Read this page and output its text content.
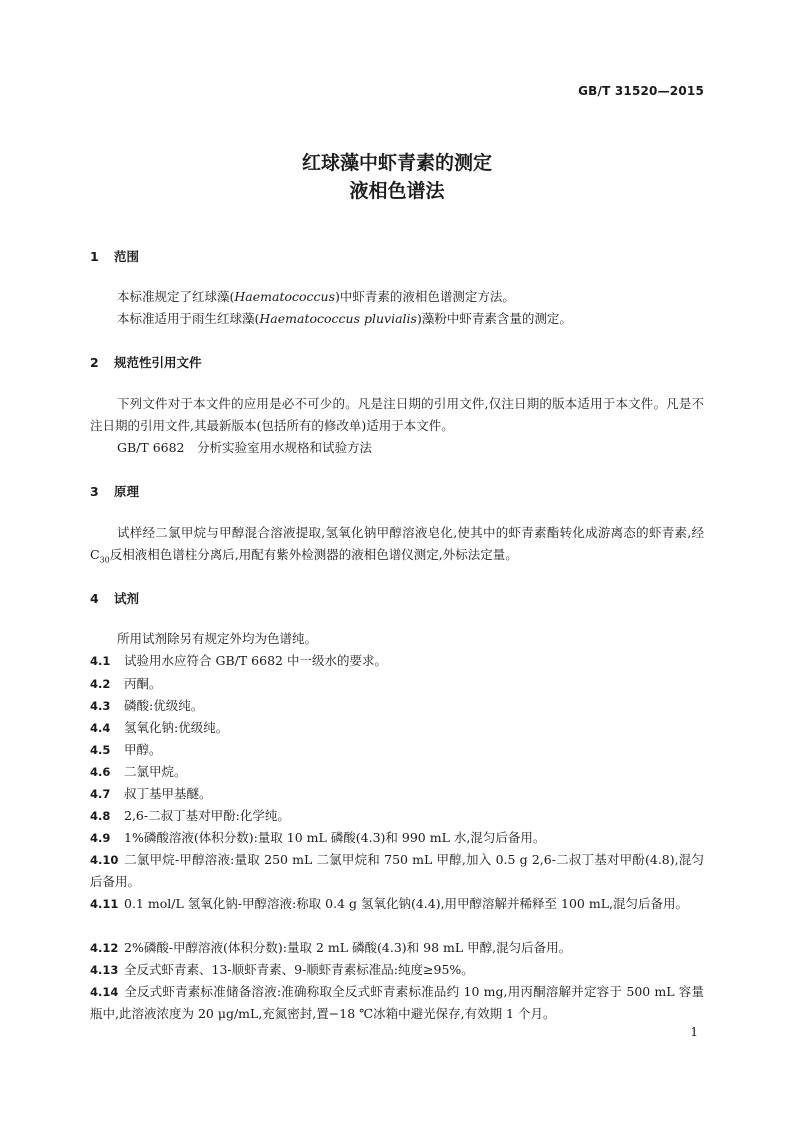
GB/T 31520—2015
红球藻中虾青素的测定
液相色谱法
1 范围
本标准规定了红球藻(Haematococcus)中虾青素的液相色谱测定方法。
本标准适用于雨生红球藻(Haematococcus pluvialis)藻粉中虾青素含量的测定。
2 规范性引用文件
下列文件对于本文件的应用是必不可少的。凡是注日期的引用文件,仅注日期的版本适用于本文件。凡是不注日期的引用文件,其最新版本(包括所有的修改单)适用于本文件。
GB/T 6682　分析实验室用水规格和试验方法
3 原理
试样经二氯甲烷与甲醇混合溶液提取,氢氧化钠甲醇溶液皂化,使其中的虾青素酯转化成游离态的虾青素,经 $C_{30}$反相液相色谱柱分离后,用配有紫外检测器的液相色谱仪测定,外标法定量。
4 试剂
所用试剂除另有规定外均为色谱纯。
4.1 试验用水应符合 GB/T 6682 中一级水的要求。
4.2 丙酮。
4.3 磷酸:优级纯。
4.4 氢氧化钠:优级纯。
4.5 甲醇。
4.6 二氯甲烷。
4.7 叔丁基甲基醚。
4.8 2,6-二叔丁基对甲酚:化学纯。
4.9 1%磷酸溶液(体积分数):量取 10 mL 磷酸(4.3)和 990 mL 水,混匀后备用。
4.10 二氯甲烷-甲醇溶液:量取 250 mL 二氯甲烷和 750 mL 甲醇,加入 0.5 g 2,6-二叔丁基对甲酚(4.8),混匀后备用。
4.11 0.1 mol/L 氢氧化钠-甲醇溶液:称取 0.4 g 氢氧化钠(4.4),用甲醇溶解并稀释至 100 mL,混匀后备用。
4.12 2%磷酸-甲醇溶液(体积分数):量取 2 mL 磷酸(4.3)和 98 mL 甲醇,混匀后备用。
4.13 全反式虾青素、13-顺虾青素、9-顺虾青素标准品:纯度≥95%。
4.14 全反式虾青素标准储备溶液:准确称取全反式虾青素标准品约 10 mg,用丙酮溶解并定容于 500 mL 容量瓶中,此溶液浓度为 20 μg/mL,充氮密封,置−18 ℃冰箱中避光保存,有效期 1 个月。
1
